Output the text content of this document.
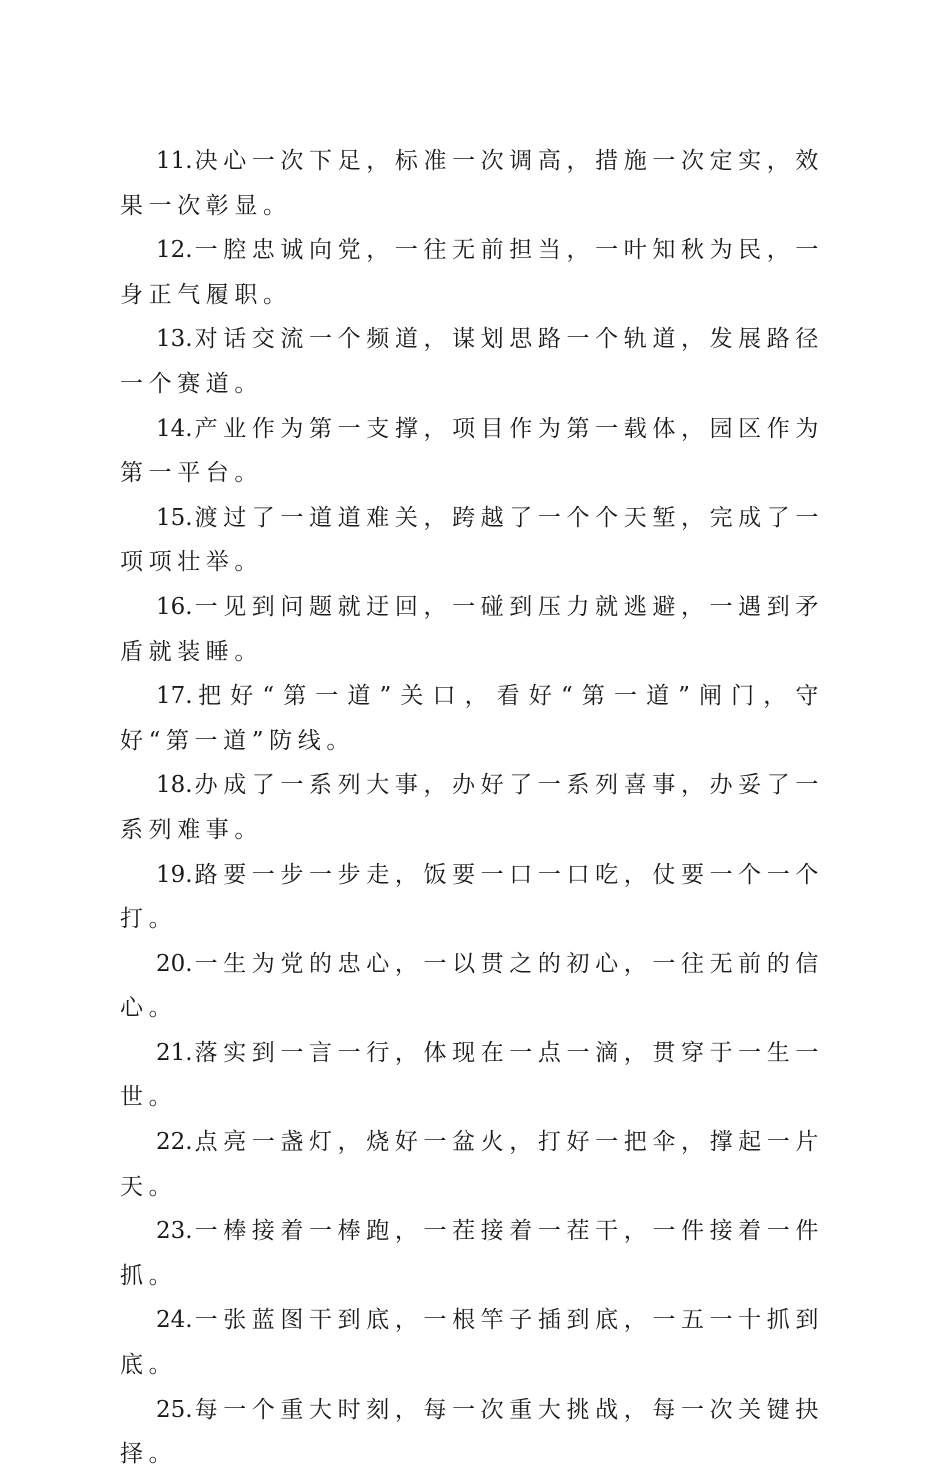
11.决心一次下足，标准一次调高，措施一次定实，效果一次彰显。

12.一腔忠诚向党，一往无前担当，一叶知秋为民，一身正气履职。

13.对话交流一个频道，谋划思路一个轨道，发展路径一个赛道。

14.产业作为第一支撑，项目作为第一载体，园区作为第一平台。

15.渡过了一道道难关，跨越了一个个天堑，完成了一项项壮举。

16.一见到问题就迂回，一碰到压力就逃避，一遇到矛盾就装睡。

17.把好“第一道”关口，看好“第一道”闸门，守好“第一道”防线。

18.办成了一系列大事，办好了一系列喜事，办妥了一系列难事。

19.路要一步一步走，饭要一口一口吃，仗要一个一个打。

20.一生为党的忠心，一以贯之的初心，一往无前的信心。

21.落实到一言一行，体现在一点一滴，贯穿于一生一世。

22.点亮一盏灯，烧好一盆火，打好一把伞，撑起一片天。

23.一棒接着一棒跑，一茬接着一茬干，一件接着一件抓。

24.一张蓝图干到底，一根竿子插到底，一五一十抓到底。

25.每一个重大时刻，每一次重大挑战，每一次关键抉择。
